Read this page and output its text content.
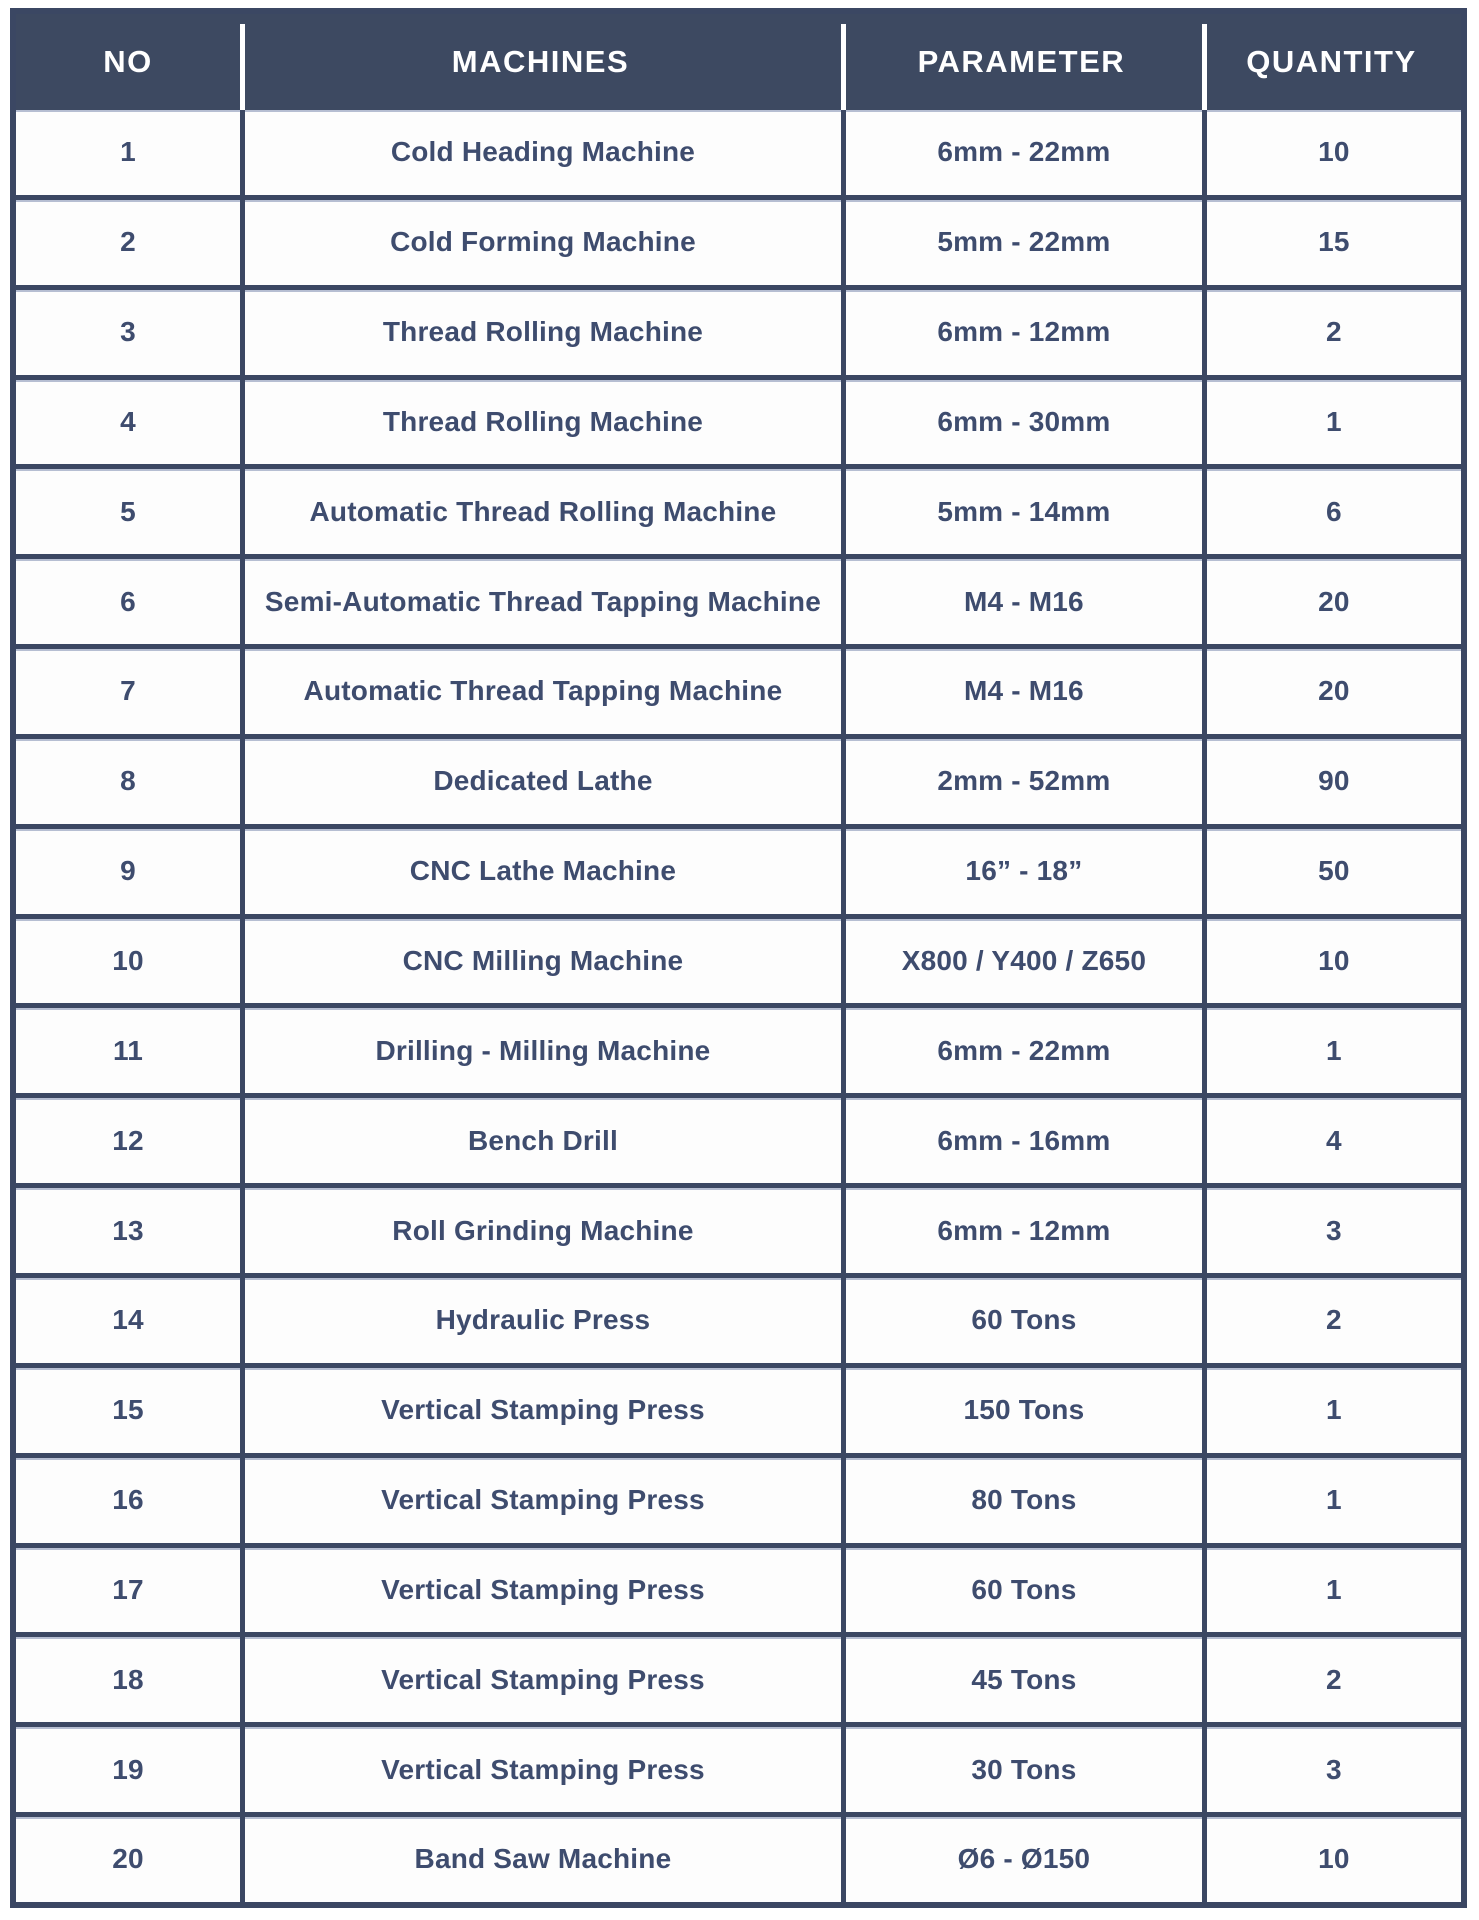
NO	MACHINES	PARAMETER	QUANTITY
1	Cold Heading Machine	6mm - 22mm	10
2	Cold Forming Machine	5mm - 22mm	15
3	Thread Rolling Machine	6mm - 12mm	2
4	Thread Rolling Machine	6mm - 30mm	1
5	Automatic Thread Rolling Machine	5mm - 14mm	6
6	Semi-Automatic Thread Tapping Machine	M4 - M16	20
7	Automatic Thread Tapping Machine	M4 - M16	20
8	Dedicated Lathe	2mm - 52mm	90
9	CNC Lathe Machine	16” - 18”	50
10	CNC Milling Machine	X800 / Y400 / Z650	10
11	Drilling - Milling Machine	6mm - 22mm	1
12	Bench Drill	6mm - 16mm	4
13	Roll Grinding Machine	6mm - 12mm	3
14	Hydraulic Press	60 Tons	2
15	Vertical Stamping Press	150 Tons	1
16	Vertical Stamping Press	80 Tons	1
17	Vertical Stamping Press	60 Tons	1
18	Vertical Stamping Press	45 Tons	2
19	Vertical Stamping Press	30 Tons	3
20	Band Saw Machine	Ø6 - Ø150	10
